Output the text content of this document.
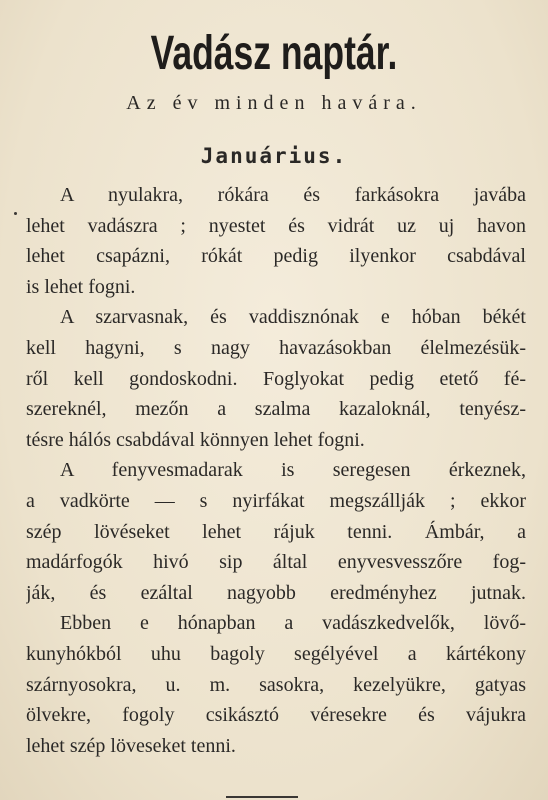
Vadász naptár.
Az év minden havára.
Januárius.
A nyulakra, rókára és farkásokra javába
lehet vadászra ; nyestet és vidrát uz uj havon
lehet csapázni, rókát pedig ilyenkor csabdával
is lehet fogni.
A szarvasnak, és vaddisznónak e hóban békét
kell hagyni, s nagy havazásokban élelmezésük-
ről kell gondoskodni. Foglyokat pedig etető fé-
szereknél, mezőn a szalma kazaloknál, tenyész-
tésre hálós csabdával könnyen lehet fogni.
A fenyvesmadarak is seregesen érkeznek,
a vadkörte — s nyirfákat megszállják ; ekkor
szép lövéseket lehet rájuk tenni. Ámbár, a
madárfogók hivó sip által enyvesvesszőre fog-
ják, és ezáltal nagyobb eredményhez jutnak.
Ebben e hónapban a vadászkedvelők, lövő-
kunyhókból uhu bagoly segélyével a kártékony
szárnyosokra, u. m. sasokra, kezelyükre, gatyas
ölvekre, fogoly csikásztó véresekre és vájukra
lehet szép löveseket tenni.
